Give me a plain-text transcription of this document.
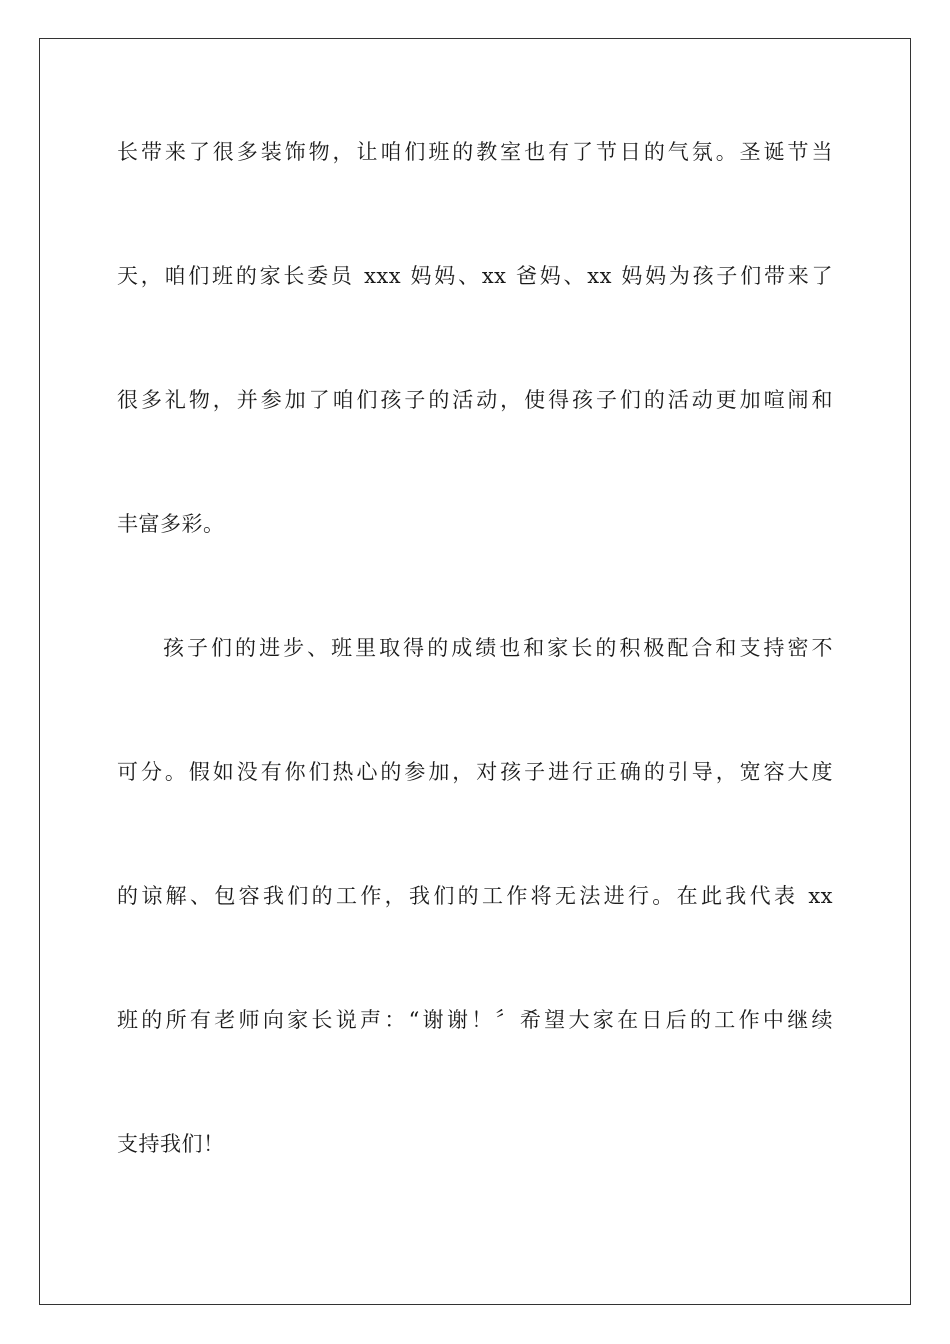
长带来了很多装饰物，让咱们班的教室也有了节日的气氛。圣诞节当
天，咱们班的家长委员 xxx 妈妈、xx 爸妈、xx 妈妈为孩子们带来了
很多礼物，并参加了咱们孩子的活动，使得孩子们的活动更加喧闹和
丰富多彩。
孩子们的进步、班里取得的成绩也和家长的积极配合和支持密不
可分。假如没有你们热心的参加，对孩子进行正确的引导，宽容大度
的谅解、包容我们的工作，我们的工作将无法进行。在此我代表 xx
班的所有老师向家长说声：“谢谢！〞希望大家在日后的工作中继续
支持我们！
